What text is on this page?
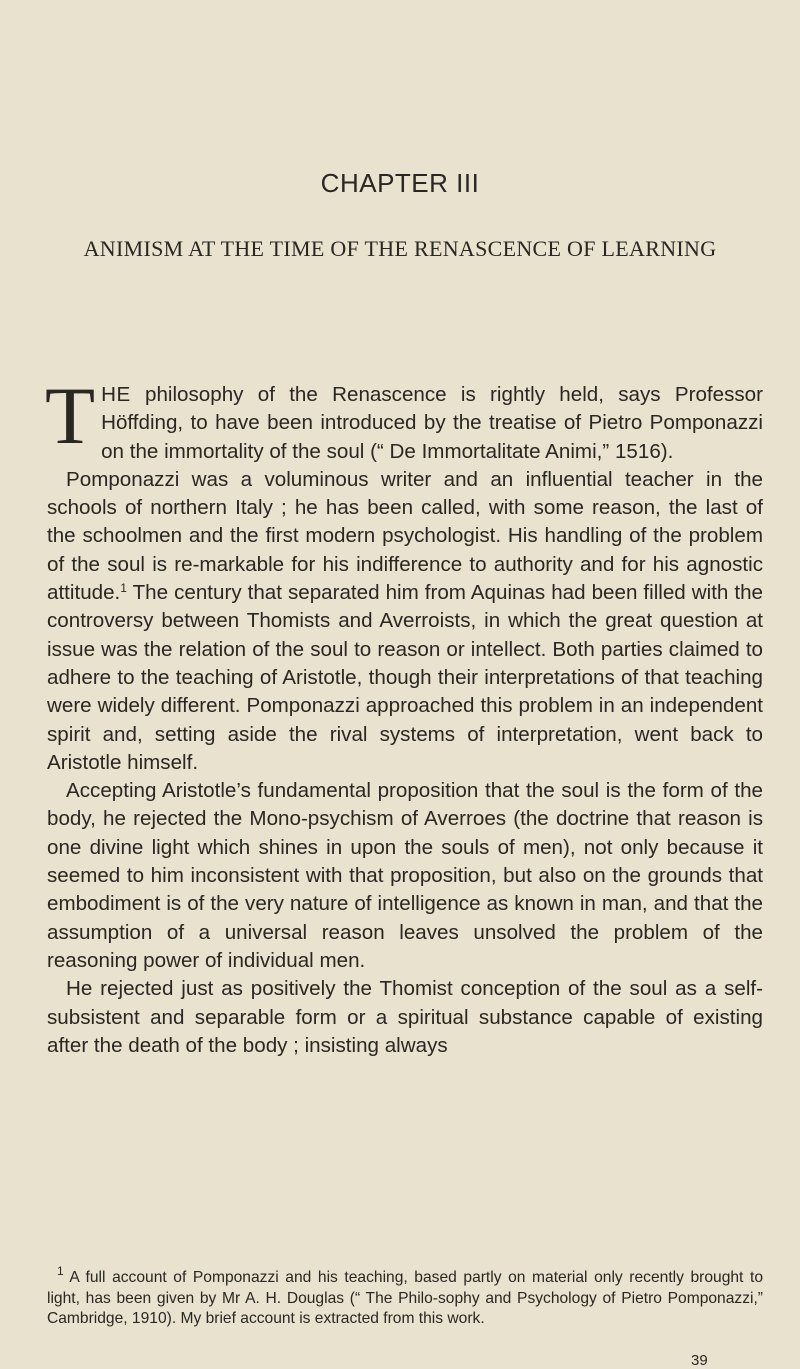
CHAPTER III
ANIMISM AT THE TIME OF THE RENASCENCE OF LEARNING

THE philosophy of the Renascence is rightly held, says Professor Höffding, to have been introduced by the treatise of Pietro Pomponazzi on the immortality of the soul (“ De Immortalitate Animi,” 1516).

Pomponazzi was a voluminous writer and an influential teacher in the schools of northern Italy ; he has been called, with some reason, the last of the schoolmen and the first modern psychologist. His handling of the problem of the soul is re-markable for his indifference to authority and for his agnostic attitude.$^1$ The century that separated him from Aquinas had been filled with the controversy between Thomists and Averroists, in which the great question at issue was the relation of the soul to reason or intellect. Both parties claimed to adhere to the teaching of Aristotle, though their interpretations of that teaching were widely different. Pomponazzi approached this problem in an independent spirit and, setting aside the rival systems of interpretation, went back to Aristotle himself.

Accepting Aristotle’s fundamental proposition that the soul is the form of the body, he rejected the Mono-psychism of Averroes (the doctrine that reason is one divine light which shines in upon the souls of men), not only because it seemed to him inconsistent with that proposition, but also on the grounds that embodiment is of the very nature of intelligence as known in man, and that the assumption of a universal reason leaves unsolved the problem of the reasoning power of individual men.

He rejected just as positively the Thomist conception of the soul as a self-subsistent and separable form or a spiritual substance capable of existing after the death of the body ; insisting always

$^1$ A full account of Pomponazzi and his teaching, based partly on material only recently brought to light, has been given by Mr A. H. Douglas (“ The Philo-sophy and Psychology of Pietro Pomponazzi,” Cambridge, 1910). My brief account is extracted from this work.

39
